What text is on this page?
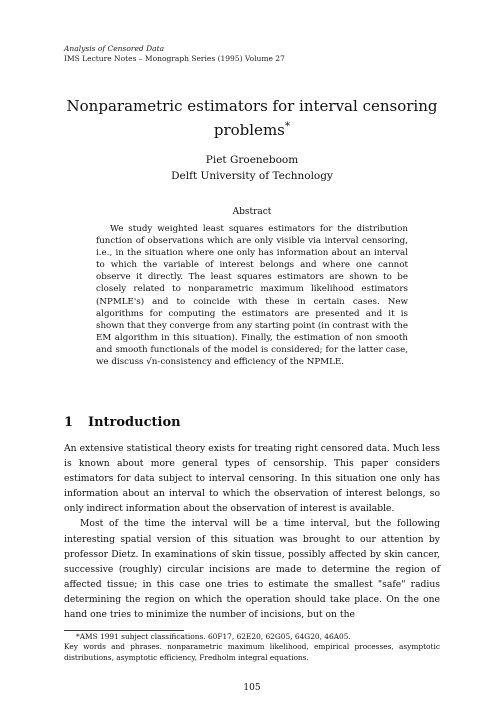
Analysis of Censored Data
IMS Lecture Notes – Monograph Series (1995) Volume 27
Nonparametric estimators for interval censoring problems*
Piet Groeneboom
Delft University of Technology
Abstract

We study weighted least squares estimators for the distribution function of observations which are only visible via interval censoring, i.e., in the situation where one only has information about an interval to which the variable of interest belongs and where one cannot observe it directly. The least squares estimators are shown to be closely related to nonparametric maximum likelihood estimators (NPMLE's) and to coincide with these in certain cases. New algorithms for computing the estimators are presented and it is shown that they converge from any starting point (in contrast with the EM algorithm in this situation). Finally, the estimation of non smooth and smooth functionals of the model is considered; for the latter case, we discuss √n-consistency and efficiency of the NPMLE.

1 Introduction

An extensive statistical theory exists for treating right censored data. Much less is known about more general types of censorship. This paper considers estimators for data subject to interval censoring. In this situation one only has information about an interval to which the observation of interest belongs, so only indirect information about the observation of interest is available.

Most of the time the interval will be a time interval, but the following interesting spatial version of this situation was brought to our attention by professor Dietz. In examinations of skin tissue, possibly affected by skin cancer, successive (roughly) circular incisions are made to determine the region of affected tissue; in this case one tries to estimate the smallest "safe" radius determining the region on which the operation should take place. On the one hand one tries to minimize the number of incisions, but on the

*AMS 1991 subject classifications. 60F17, 62E20, 62G05, 64G20, 46A05.

Key words and phrases. nonparametric maximum likelihood, empirical processes, asymptotic distributions, asymptotic efficiency, Fredholm integral equations.

105
